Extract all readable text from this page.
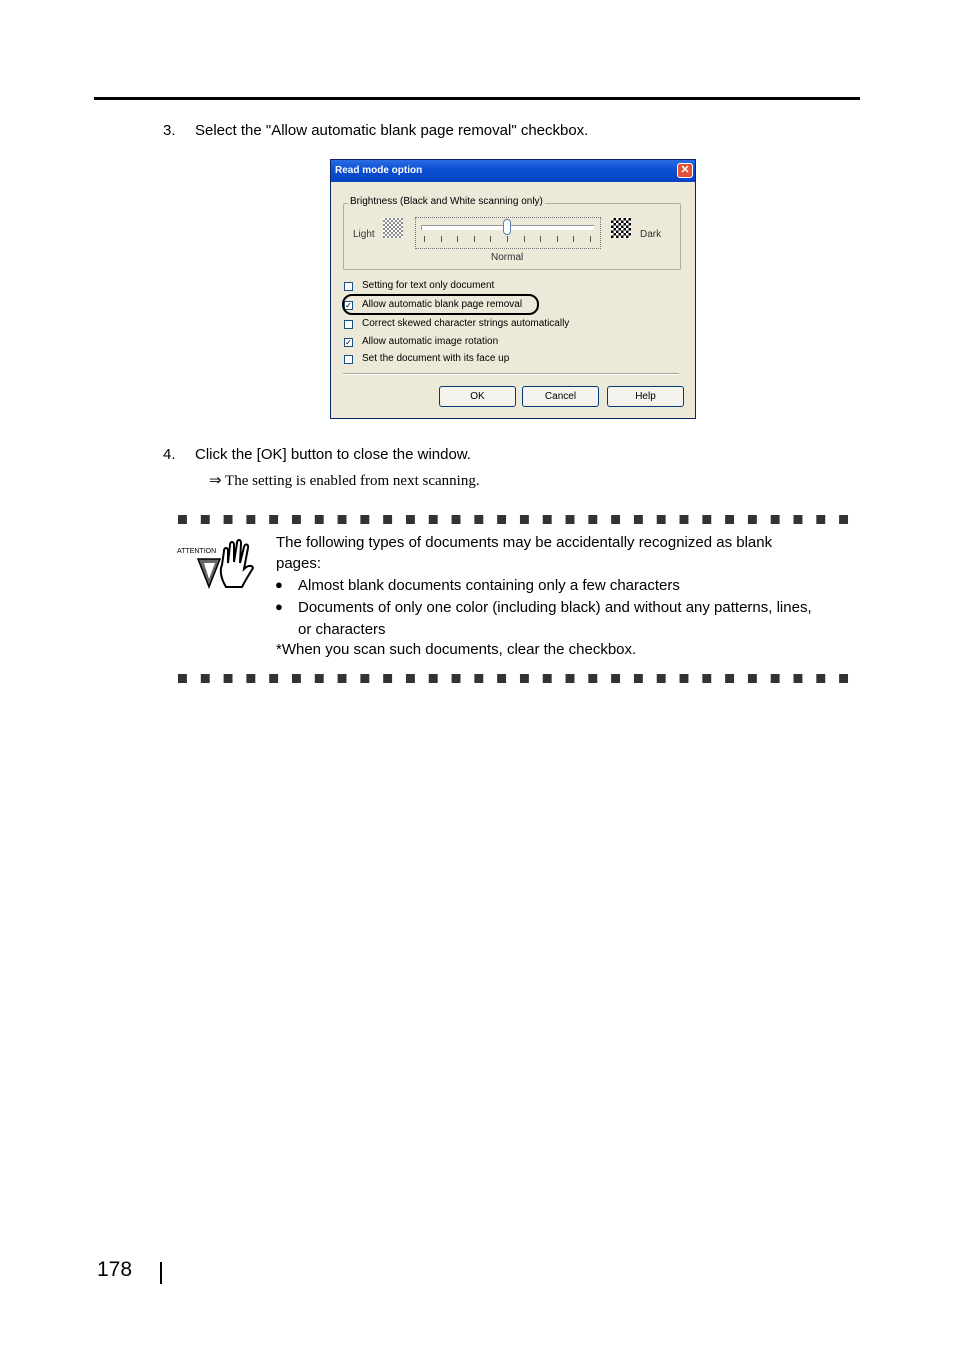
3. Select the "Allow automatic blank page removal" checkbox.
Read mode option	✕
Brightness (Black and White scanning only)
Light	Dark
Normal
Setting for text only document
✓ Allow automatic blank page removal
Correct skewed character strings automatically
✓ Allow automatic image rotation
Set the document with its face up
OK	Cancel	Help
4. Click the [OK] button to close the window.
⇒ The setting is enabled from next scanning.
ATTENTION
The following types of documents may be accidentally recognized as blank
pages:
● Almost blank documents containing only a few characters
● Documents of only one color (including black) and without any patterns, lines,
or characters
*When you scan such documents, clear the checkbox.
178
